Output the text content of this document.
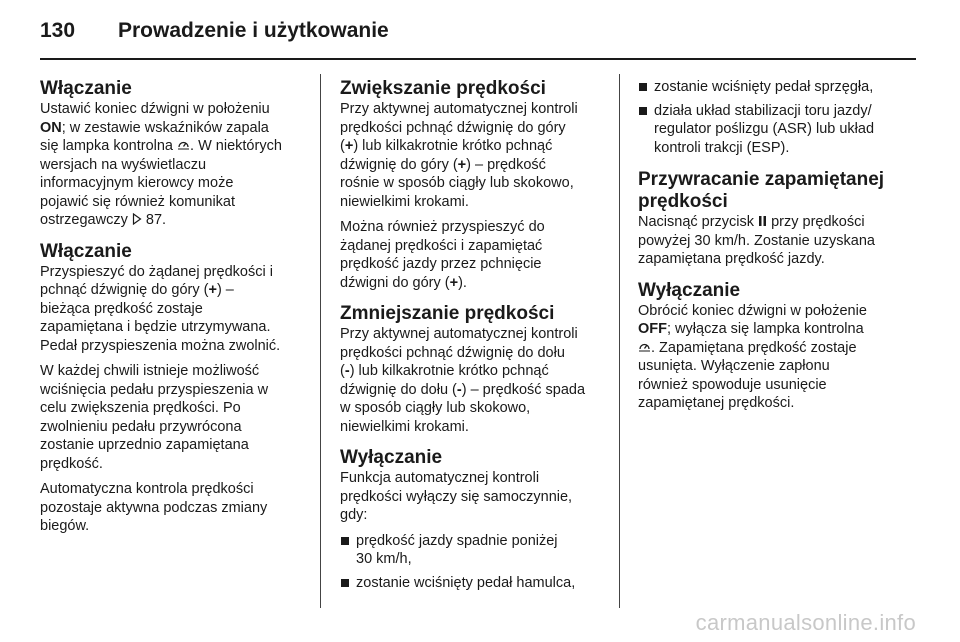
130 Prowadzenie i użytkowanie
Włączanie

Ustawić koniec dźwigni w położeniu
ON; w zestawie wskaźników zapala
się lampka kontrolna . W niektórych
wersjach na wyświetlaczu
informacyjnym kierowcy może
pojawić się również komunikat
ostrzegawczy 87.

Włączanie

Przyspieszyć do żądanej prędkości i
pchnąć dźwignię do góry (+) –
bieżąca prędkość zostaje
zapamiętana i będzie utrzymywana.
Pedał przyspieszenia można zwolnić.

W każdej chwili istnieje możliwość
wciśnięcia pedału przyspieszenia w
celu zwiększenia prędkości. Po
zwolnieniu pedału przywrócona
zostanie uprzednio zapamiętana
prędkość.

Automatyczna kontrola prędkości
pozostaje aktywna podczas zmiany
biegów.

Zwiększanie prędkości

Przy aktywnej automatycznej kontroli
prędkości pchnąć dźwignię do góry
(+) lub kilkakrotnie krótko pchnąć
dźwignię do góry (+) – prędkość
rośnie w sposób ciągły lub skokowo,
niewielkimi krokami.

Można również przyspieszyć do
żądanej prędkości i zapamiętać
prędkość jazdy przez pchnięcie
dźwigni do góry (+).

Zmniejszanie prędkości

Przy aktywnej automatycznej kontroli
prędkości pchnąć dźwignię do dołu
(-) lub kilkakrotnie krótko pchnąć
dźwignię do dołu (-) – prędkość spada
w sposób ciągły lub skokowo,
niewielkimi krokami.

Wyłączanie

Funkcja automatycznej kontroli
prędkości wyłączy się samoczynnie,
gdy:

prędkość jazdy spadnie poniżej
30 km/h,
zostanie wciśnięty pedał hamulca,
zostanie wciśnięty pedał sprzęgła,
działa układ stabilizacji toru jazdy/
regulator poślizgu (ASR) lub układ
kontroli trakcji (ESP).
Przywracanie zapamiętanej
prędkości

Nacisnąć przycisk przy prędkości
powyżej 30 km/h. Zostanie uzyskana
zapamiętana prędkość jazdy.

Wyłączanie

Obrócić koniec dźwigni w położenie
OFF; wyłącza się lampka kontrolna
. Zapamiętana prędkość zostaje
usunięta. Wyłączenie zapłonu
również spowoduje usunięcie
zapamiętanej prędkości.

carmanualsonline.info
